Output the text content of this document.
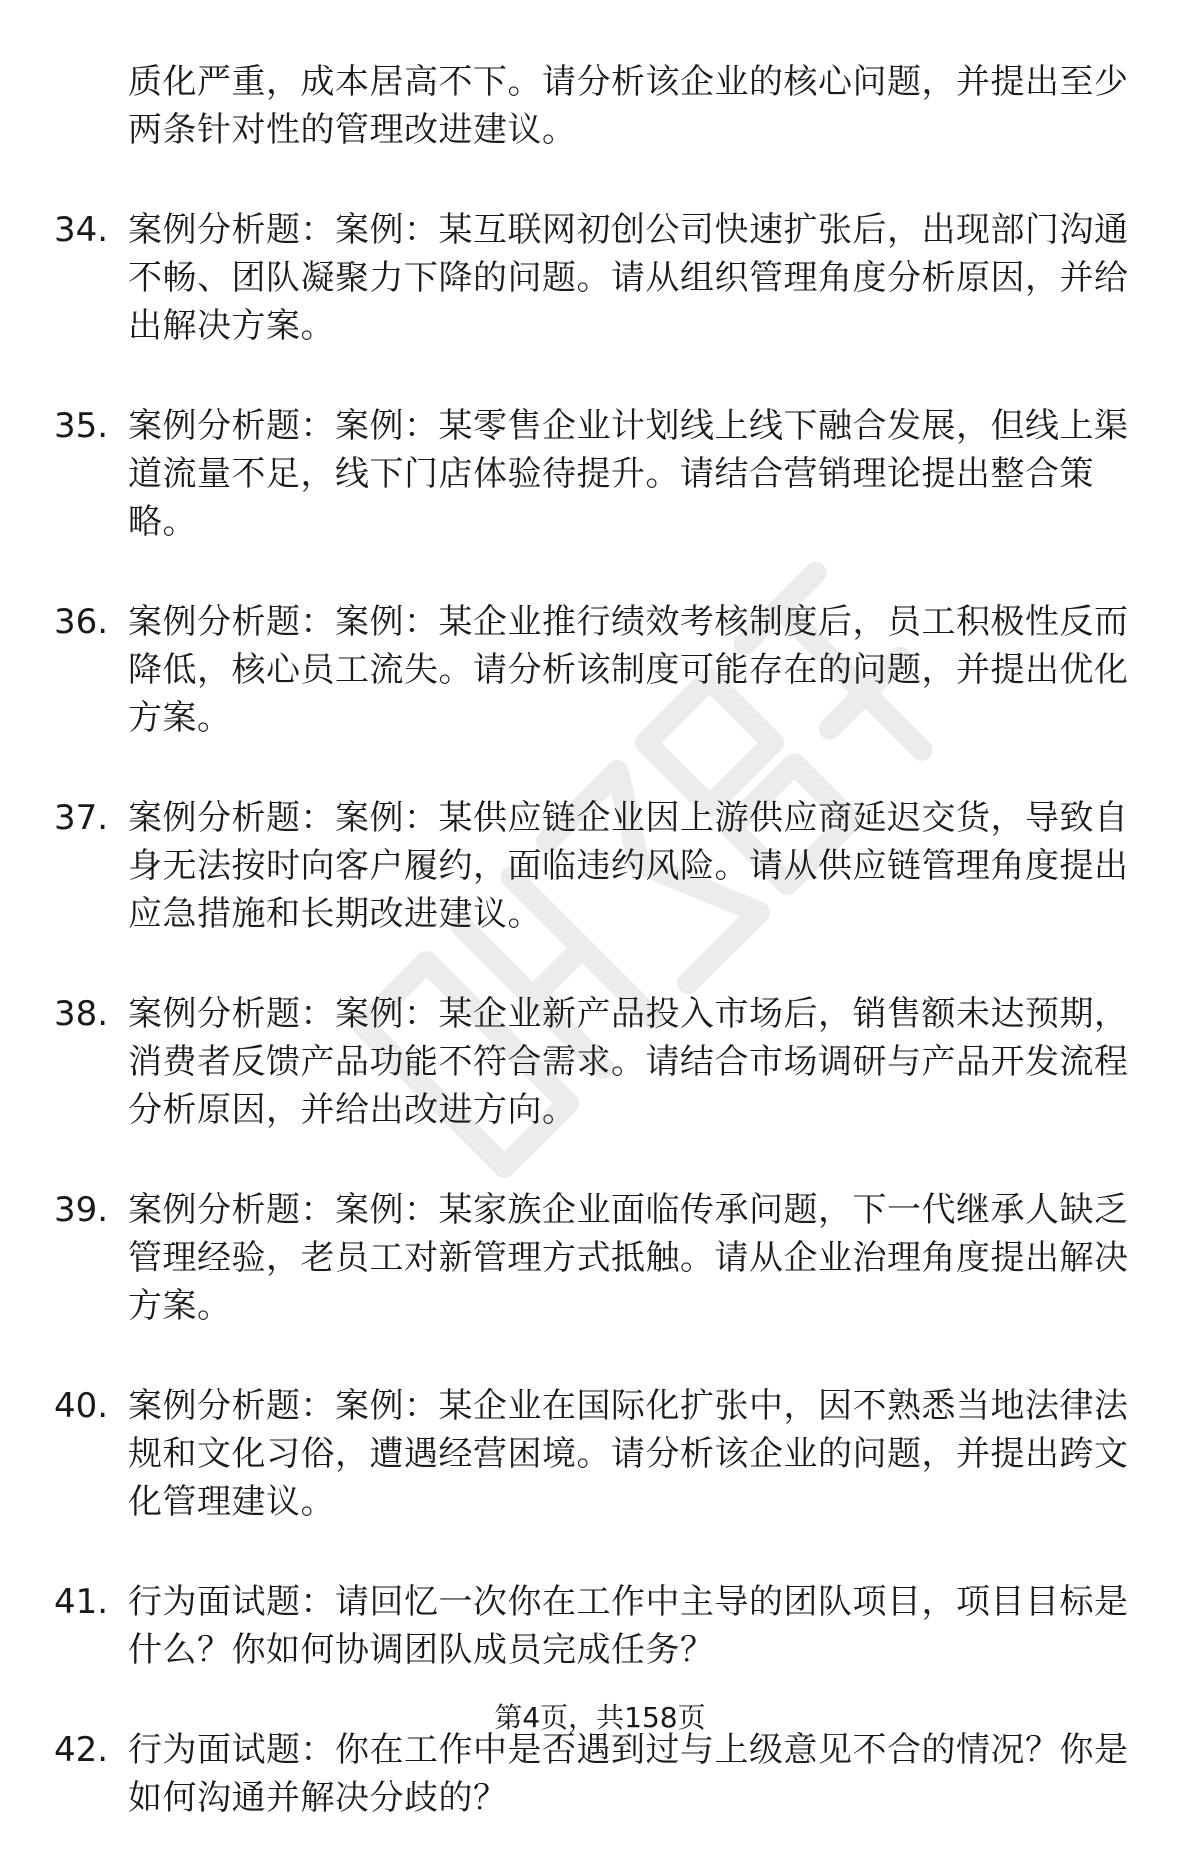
质化严重，成本居高不下。请分析该企业的核心问题，并提出至少两条针对性的管理改进建议。
34. 案例分析题：案例：某互联网初创公司快速扩张后，出现部门沟通不畅、团队凝聚力下降的问题。请从组织管理角度分析原因，并给出解决方案。
35. 案例分析题：案例：某零售企业计划线上线下融合发展，但线上渠道流量不足，线下门店体验待提升。请结合营销理论提出整合策略。
36. 案例分析题：案例：某企业推行绩效考核制度后，员工积极性反而降低，核心员工流失。请分析该制度可能存在的问题，并提出优化方案。
37. 案例分析题：案例：某供应链企业因上游供应商延迟交货，导致自身无法按时向客户履约，面临违约风险。请从供应链管理角度提出应急措施和长期改进建议。
38. 案例分析题：案例：某企业新产品投入市场后，销售额未达预期，消费者反馈产品功能不符合需求。请结合市场调研与产品开发流程分析原因，并给出改进方向。
39. 案例分析题：案例：某家族企业面临传承问题，下一代继承人缺乏管理经验，老员工对新管理方式抵触。请从企业治理角度提出解决方案。
40. 案例分析题：案例：某企业在国际化扩张中，因不熟悉当地法律法规和文化习俗，遭遇经营困境。请分析该企业的问题，并提出跨文化管理建议。
41. 行为面试题：请回忆一次你在工作中主导的团队项目，项目目标是什么？你如何协调团队成员完成任务？
42. 行为面试题：你在工作中是否遇到过与上级意见不合的情况？你是如何沟通并解决分歧的？
第4页，共158页
